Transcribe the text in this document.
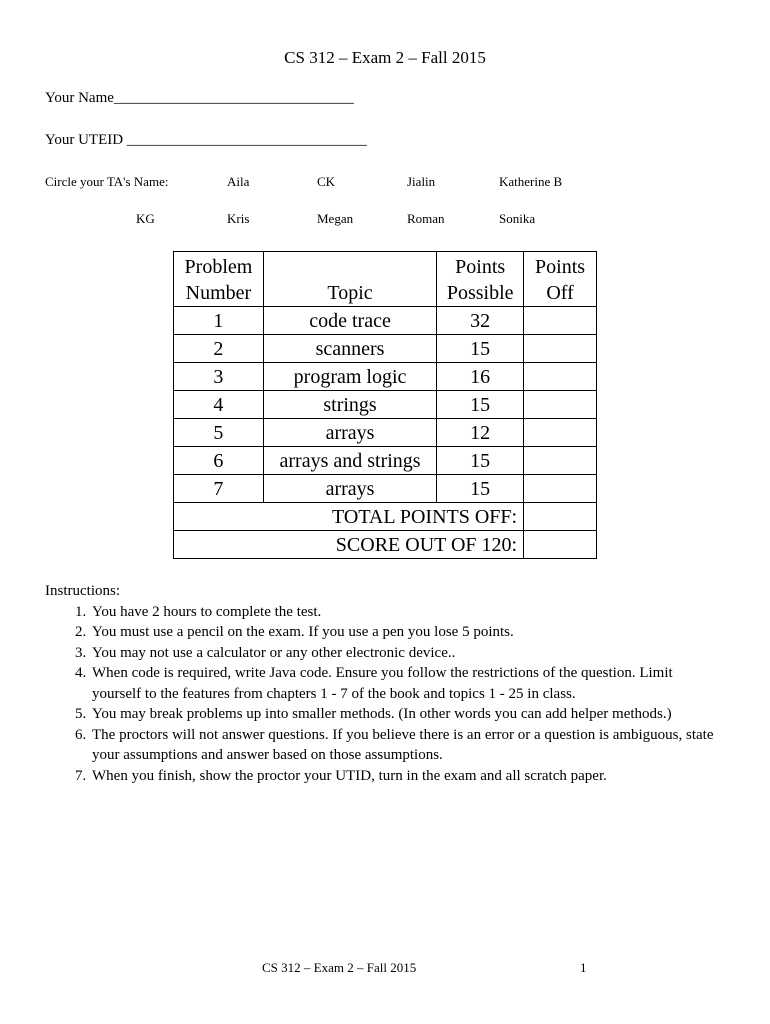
CS 312 – Exam 2 – Fall 2015
Your Name________________________________
Your UTEID ________________________________
Circle your TA's Name:	Aila	CK	Jialin	Katherine B
KG	Kris	Megan	Roman	Sonika
Problem Number	Topic	Points Possible	Points Off
1	code trace	32	
2	scanners	15	
3	program logic	16	
4	strings	15	
5	arrays	12	
6	arrays and strings	15	
7	arrays	15	
TOTAL POINTS OFF:			
SCORE OUT OF 120:			
Instructions:
1. You have 2 hours to complete the test.
2. You must use a pencil on the exam. If you use a pen you lose 5 points.
3. You may not use a calculator or any other electronic device..
4. When code is required, write Java code. Ensure you follow the restrictions of the question. Limit yourself to the features from chapters 1 - 7 of the book and topics 1 - 25 in class.
5. You may break problems up into smaller methods. (In other words you can add helper methods.)
6. The proctors will not answer questions. If you believe there is an error or a question is ambiguous, state your assumptions and answer based on those assumptions.
7. When you finish, show the proctor your UTID, turn in the exam and all scratch paper.
CS 312 – Exam 2 – Fall 2015	1
